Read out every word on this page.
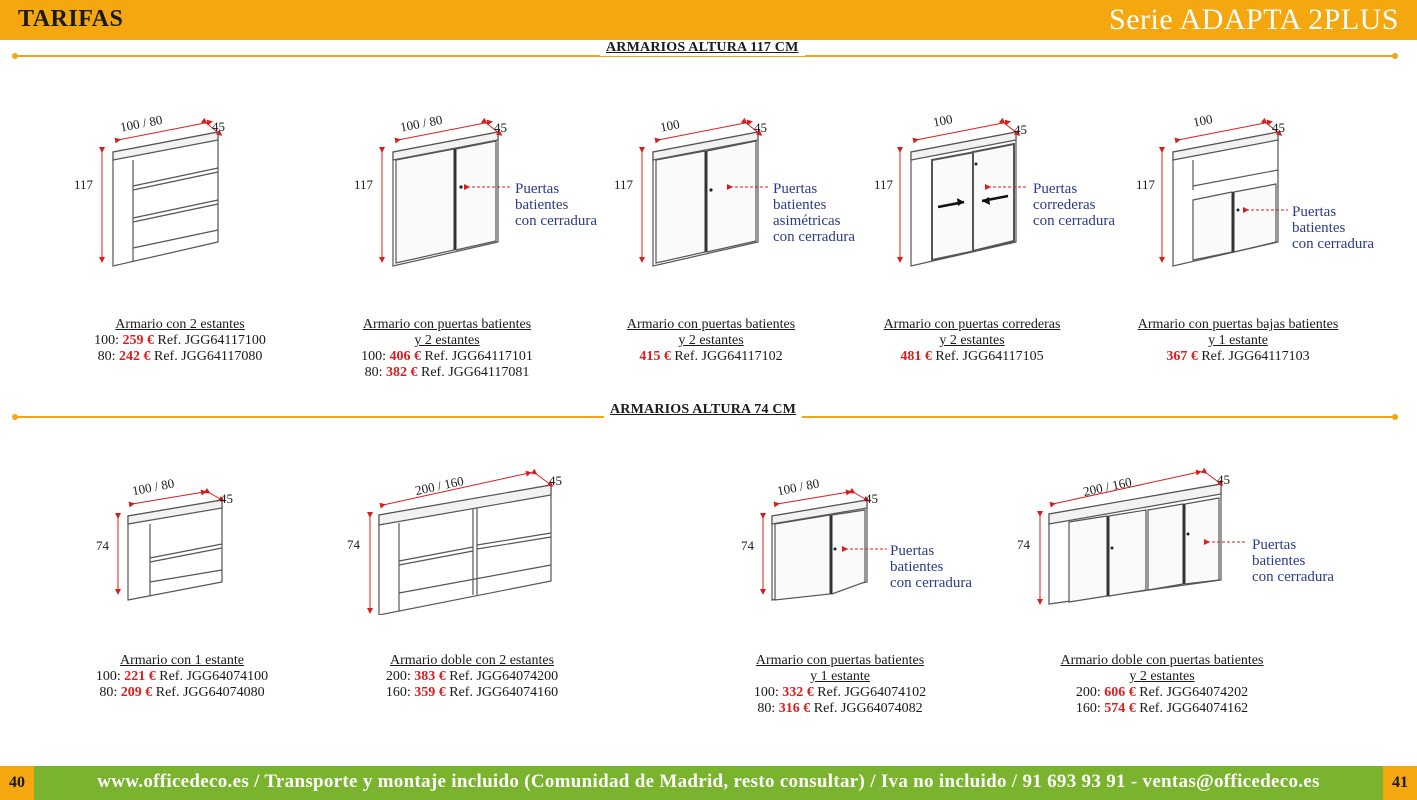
TARIFAS	Serie ADAPTA 2PLUS
ARMARIOS ALTURA 117 CM
ARMARIOS ALTURA 74 CM
100 / 80	45
117
Armario con 2 estantes
100: 259 € Ref. JGG64117100
80: 242 € Ref. JGG64117080
100 / 80	45
117	Puertas
batientes
con cerradura
Armario con puertas batientes
y 2 estantes
100: 406 € Ref. JGG64117101
80: 382 € Ref. JGG64117081
100	45
117	Puertas
batientes
asimétricas
con cerradura
Armario con puertas batientes
y 2 estantes
415 € Ref. JGG64117102
100	45
117	Puertas
correderas
con cerradura
Armario con puertas correderas
y 2 estantes
481 € Ref. JGG64117105
100	45
117
Puertas
batientes
con cerradura
Armario con puertas bajas batientes
y 1 estante
367 € Ref. JGG64117103
100 / 80
45
74
Armario con 1 estante
100: 221 € Ref. JGG64074100
80: 209 € Ref. JGG64074080
200 / 160	45
74
Armario doble con 2 estantes
200: 383 € Ref. JGG64074200
160: 359 € Ref. JGG64074160
100 / 80
45
74	Puertas
batientes
con cerradura
Armario con puertas batientes
y 1 estante
100: 332 € Ref. JGG64074102
80: 316 € Ref. JGG64074082
200 / 160	45
74	Puertas
batientes
con cerradura
Armario doble con puertas batientes
y 2 estantes
200: 606 € Ref. JGG64074202
160: 574 € Ref. JGG64074162
40	www.officedeco.es / Transporte y montaje incluido (Comunidad de Madrid, resto consultar) / Iva no incluido / 91 693 93 91 - ventas@officedeco.es	41
